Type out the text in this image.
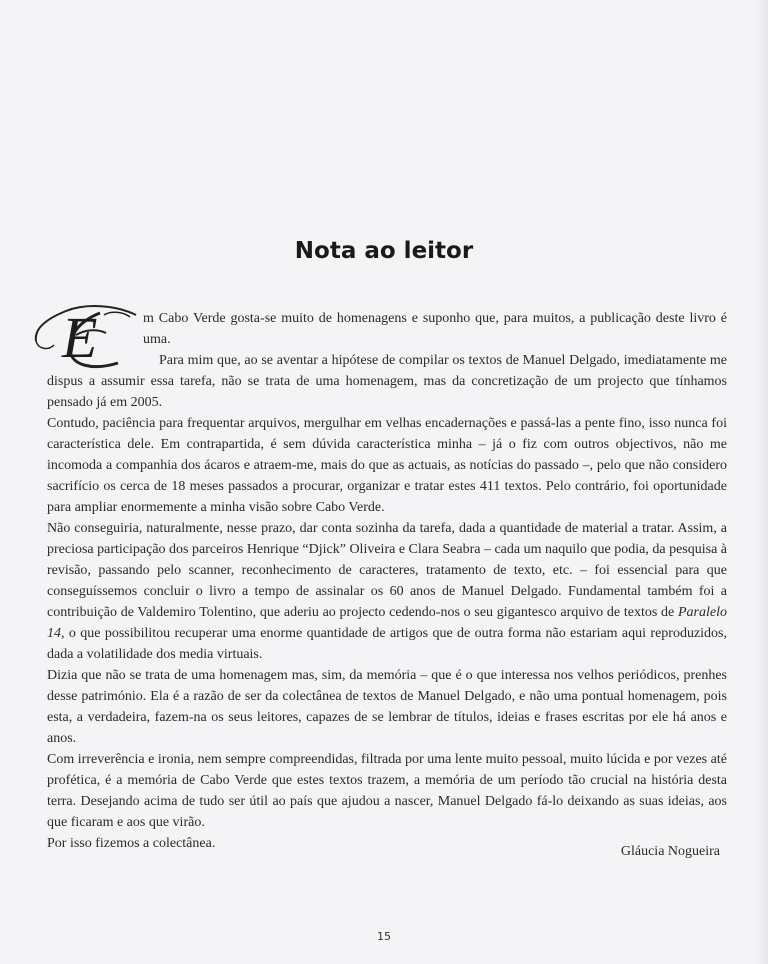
Nota ao leitor
E	m Cabo Verde gosta-se muito de homenagens e suponho que, para muitos, a publicação deste livro é uma.

Para mim que, ao se aventar a hipótese de compilar os textos de Manuel Delgado, imediatamente me dispus a assumir essa tarefa, não se trata de uma homenagem, mas da concretização de um projecto que tínhamos pensado já em 2005.

Contudo, paciência para frequentar arquivos, mergulhar em velhas encadernações e passá-las a pente fino, isso nunca foi característica dele. Em contrapartida, é sem dúvida característica minha – já o fiz com outros objectivos, não me incomoda a companhia dos ácaros e atraem-me, mais do que as actuais, as notícias do passado –, pelo que não considero sacrifício os cerca de 18 meses passados a procurar, organizar e tratar estes 411 textos. Pelo contrário, foi oportunidade para ampliar enormemente a minha visão sobre Cabo Verde.

Não conseguiria, naturalmente, nesse prazo, dar conta sozinha da tarefa, dada a quantidade de material a tratar. Assim, a preciosa participação dos parceiros Henrique “Djick” Oliveira e Clara Seabra – cada um naquilo que podia, da pesquisa à revisão, passando pelo scanner, reconhecimento de caracteres, tratamento de texto, etc. – foi essencial para que conseguíssemos concluir o livro a tempo de assinalar os 60 anos de Manuel Delgado. Fundamental também foi a contribuição de Valdemiro Tolentino, que aderiu ao projecto cedendo-nos o seu gigantesco arquivo de textos de Paralelo 14, o que possibilitou recuperar uma enorme quantidade de artigos que de outra forma não estariam aqui reproduzidos, dada a volatilidade dos media virtuais.

Dizia que não se trata de uma homenagem mas, sim, da memória – que é o que interessa nos velhos periódicos, prenhes desse património. Ela é a razão de ser da colectânea de textos de Manuel Delgado, e não uma pontual homenagem, pois esta, a verdadeira, fazem-na os seus leitores, capazes de se lembrar de títulos, ideias e frases escritas por ele há anos e anos.

Com irreverência e ironia, nem sempre compreendidas, filtrada por uma lente muito pessoal, muito lúcida e por vezes até profética, é a memória de Cabo Verde que estes textos trazem, a memória de um período tão crucial na história desta terra. Desejando acima de tudo ser útil ao país que ajudou a nascer, Manuel Delgado fá-lo deixando as suas ideias, aos que ficaram e aos que virão.

Por isso fizemos a colectânea.

Gláucia Nogueira
15
